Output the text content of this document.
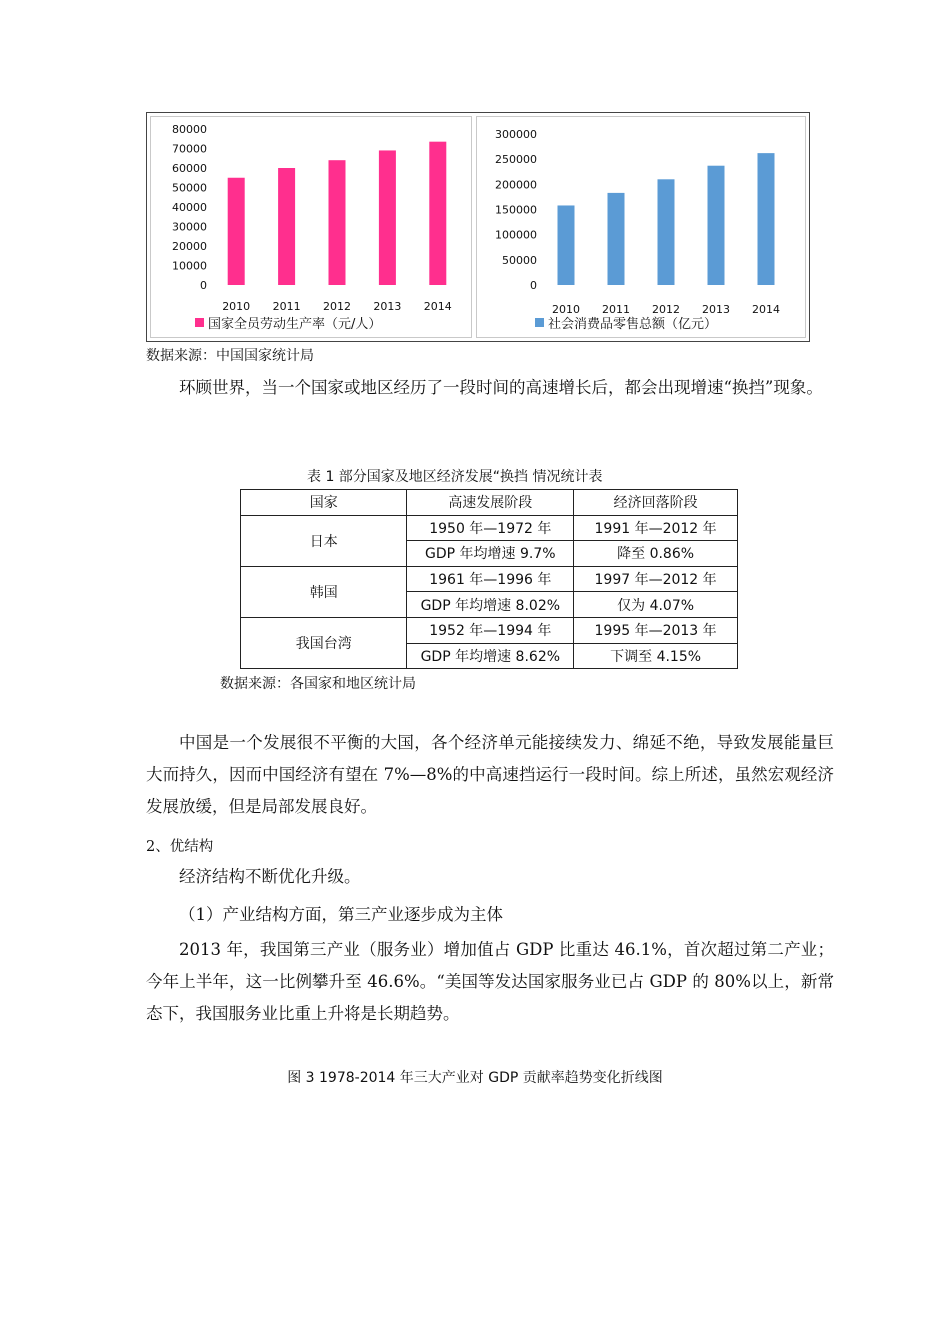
0
10000
20000
30000
40000
50000
60000
70000
80000
2010 2011 2012 2013 2014
国家全员劳动生产率（元/人）
0
50000
100000
150000
200000
250000
300000
2010 2011 2012 2013 2014
社会消费品零售总额（亿元）
数据来源：中国国家统计局

环顾世界，当一个国家或地区经历了一段时间的高速增长后，都会出现增速“换挡”现象。

表 1 部分国家及地区经济发展“换挡 情况统计表
国家	高速发展阶段	经济回落阶段
日本	1950 年—1972 年	1991 年—2012 年
	GDP 年均增速 9.7%	降至 0.86%
韩国	1961 年—1996 年	1997 年—2012 年
	GDP 年均增速 8.02%	仅为 4.07%
我国台湾	1952 年—1994 年	1995 年—2013 年
	GDP 年均增速 8.62%	下调至 4.15%
数据来源：各国家和地区统计局

中国是一个发展很不平衡的大国，各个经济单元能接续发力、绵延不绝，导致发展能量巨大而持久，因而中国经济有望在 7%—8%的中高速挡运行一段时间。综上所述，虽然宏观经济发展放缓，但是局部发展良好。

2、优结构

经济结构不断优化升级。

（1）产业结构方面，第三产业逐步成为主体

2013 年，我国第三产业（服务业）增加值占 GDP 比重达 46.1%，首次超过第二产业；今年上半年，这一比例攀升至 46.6%。“美国等发达国家服务业已占 GDP 的 80%以上，新常态下，我国服务业比重上升将是长期趋势。

图 3 1978-2014 年三大产业对 GDP 贡献率趋势变化折线图
